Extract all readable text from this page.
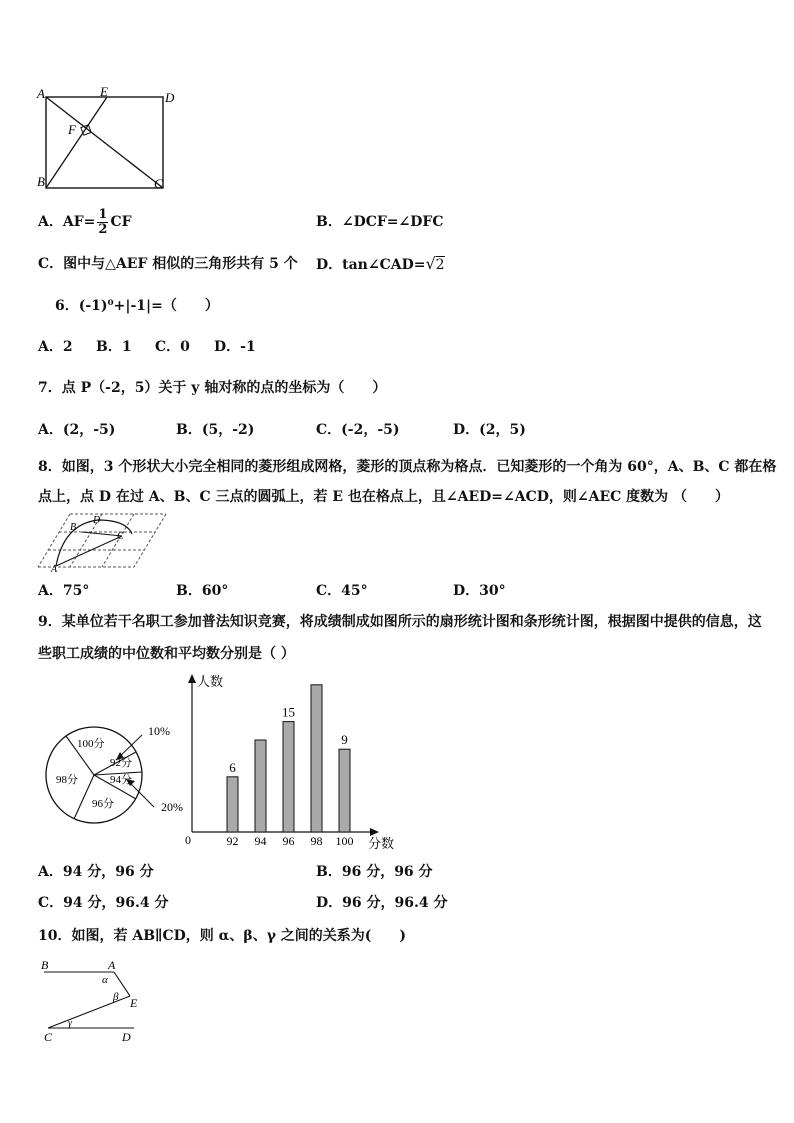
A	E	D
F
B	C
A．$AF= \frac{1}{2}$ CF	B．∠DCF=∠DFC
C．图中与△AEF 相似的三角形共有 5 个 D．tan∠CAD=√2
6．(-1)⁰+|-1|=（　　）
A．2 B．1 C．0 D．-1
7．点 P（-2，5）关于 y 轴对称的点的坐标为（　　）
A．(2，-5)	B．(5，-2)	C．(-2，-5)	D．(2，5)
8．如图，3 个形状大小完全相同的菱形组成网格，菱形的顶点称为格点．已知菱形的一个角为 60°，A、B、C 都在格
点上，点 D 在过 A、B、C 三点的圆弧上，若 E 也在格点上，且∠AED=∠ACD，则∠AEC 度数为 （　　）
B
D
C
A
A．75°	B．60°	C．45°	D．30°
9．某单位若干名职工参加普法知识竞赛，将成绩制成如图所示的扇形统计图和条形统计图，根据图中提供的信息，这
些职工成绩的中位数和平均数分别是（ ）
100分
92分
94分
96分
98分
10%
20%
人数
分数
0	92
6
94 96
15
98 100
9
A．94 分，96 分	B．96 分，96 分
C．94 分，96.4 分	D．96 分，96.4 分
10．如图，若 AB∥CD，则 α、β、γ 之间的关系为(　　)
B	A
α
β E
γ
C	D
